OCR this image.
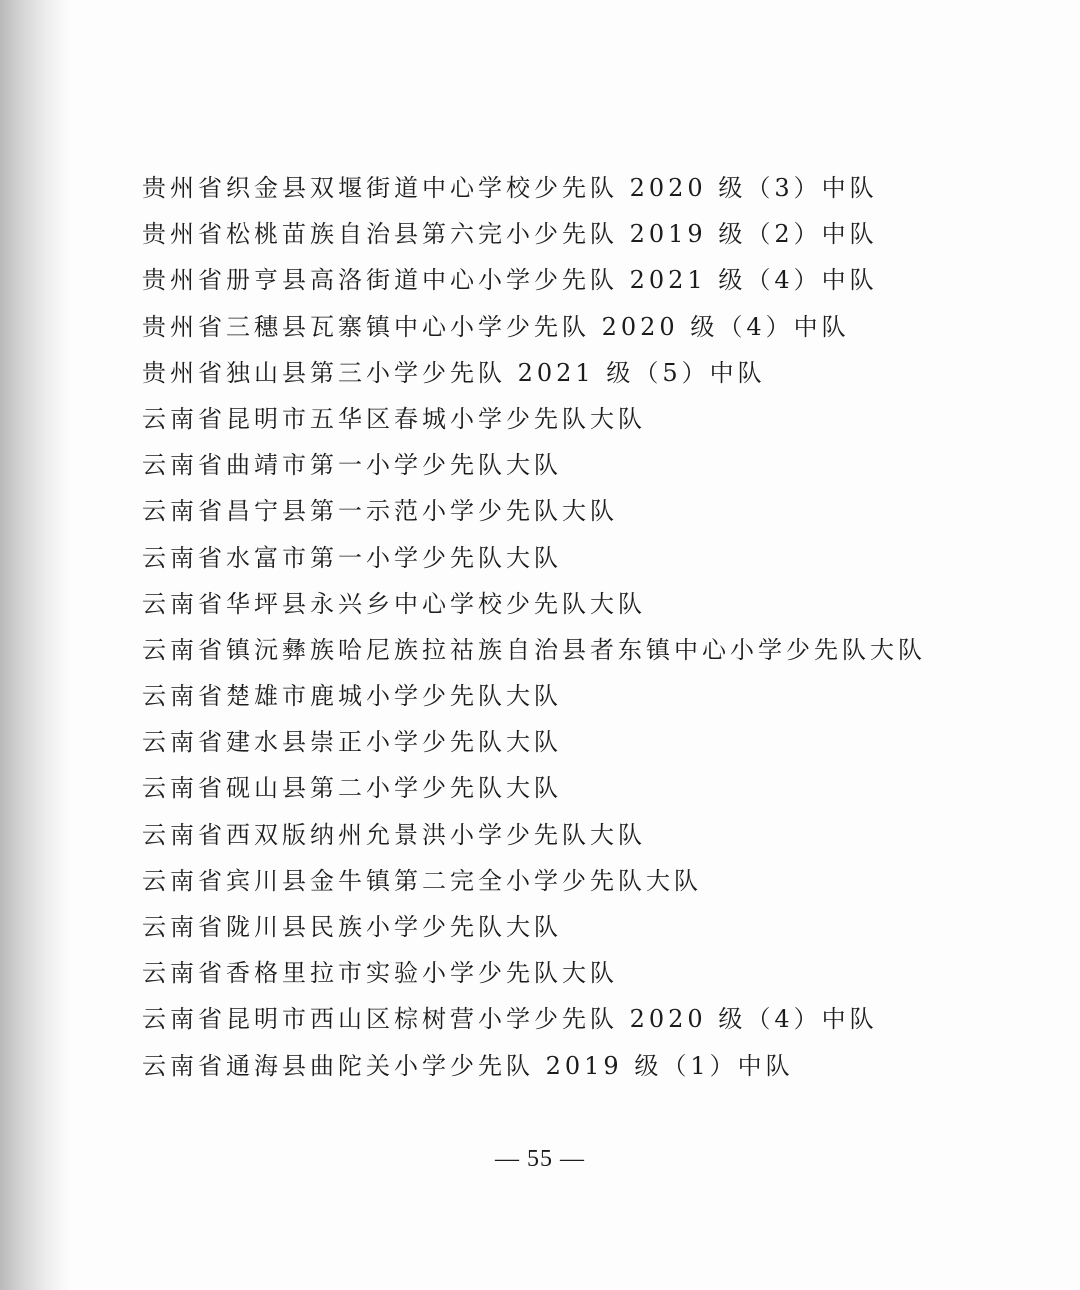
贵州省织金县双堰街道中心学校少先队 2020 级（3）中队
贵州省松桃苗族自治县第六完小少先队 2019 级（2）中队
贵州省册亨县高洛街道中心小学少先队 2021 级（4）中队
贵州省三穗县瓦寨镇中心小学少先队 2020 级（4）中队
贵州省独山县第三小学少先队 2021 级（5）中队
云南省昆明市五华区春城小学少先队大队
云南省曲靖市第一小学少先队大队
云南省昌宁县第一示范小学少先队大队
云南省水富市第一小学少先队大队
云南省华坪县永兴乡中心学校少先队大队
云南省镇沅彝族哈尼族拉祜族自治县者东镇中心小学少先队大队
云南省楚雄市鹿城小学少先队大队
云南省建水县崇正小学少先队大队
云南省砚山县第二小学少先队大队
云南省西双版纳州允景洪小学少先队大队
云南省宾川县金牛镇第二完全小学少先队大队
云南省陇川县民族小学少先队大队
云南省香格里拉市实验小学少先队大队
云南省昆明市西山区棕树营小学少先队 2020 级（4）中队
云南省通海县曲陀关小学少先队 2019 级（1）中队
— 55 —
